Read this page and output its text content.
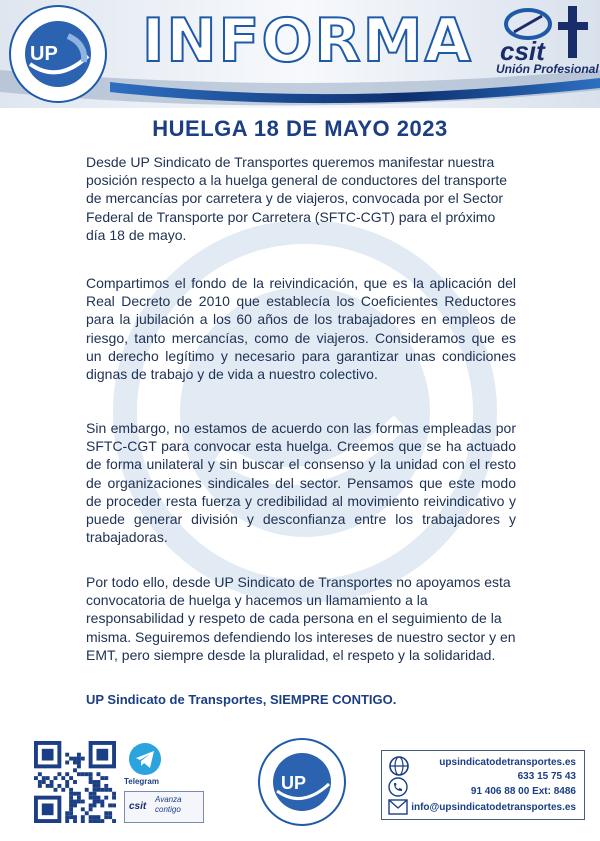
INFORMA
UP	csit
Unión Profesional
HUELGA 18 DE MAYO 2023
Desde UP Sindicato de Transportes queremos manifestar nuestra posición respecto a la huelga general de conductores del transporte de mercancías por carretera y de viajeros, convocada por el Sector Federal de Transporte por Carretera (SFTC-CGT) para el próximo día 18 de mayo.
Compartimos el fondo de la reivindicación, que es la aplicación del Real Decreto de 2010 que establecía los Coeficientes Reductores para la jubilación a los 60 años de los trabajadores en empleos de riesgo, tanto mercancías, como de viajeros. Consideramos que es un derecho legítimo y necesario para garantizar unas condiciones dignas de trabajo y de vida a nuestro colectivo.
Sin embargo, no estamos de acuerdo con las formas empleadas por SFTC-CGT para convocar esta huelga. Creemos que se ha actuado de forma unilateral y sin buscar el consenso y la unidad con el resto de organizaciones sindicales del sector. Pensamos que este modo de proceder resta fuerza y credibilidad al movimiento reivindicativo y puede generar división y desconfianza entre los trabajadores y trabajadoras.
Por todo ello, desde UP Sindicato de Transportes no apoyamos esta convocatoria de huelga y hacemos un llamamiento a la responsabilidad y respeto de cada persona en el seguimiento de la misma. Seguiremos defendiendo los intereses de nuestro sector y en EMT, pero siempre desde la pluralidad, el respeto y la solidaridad.
UP Sindicato de Transportes, SIEMPRE CONTIGO.
Telegram
csit
Avanza contigo
UP
upsindicatodetransportes.es
633 15 75 43
91 406 88 00 Ext: 8486
info@upsindicatodetransportes.es
